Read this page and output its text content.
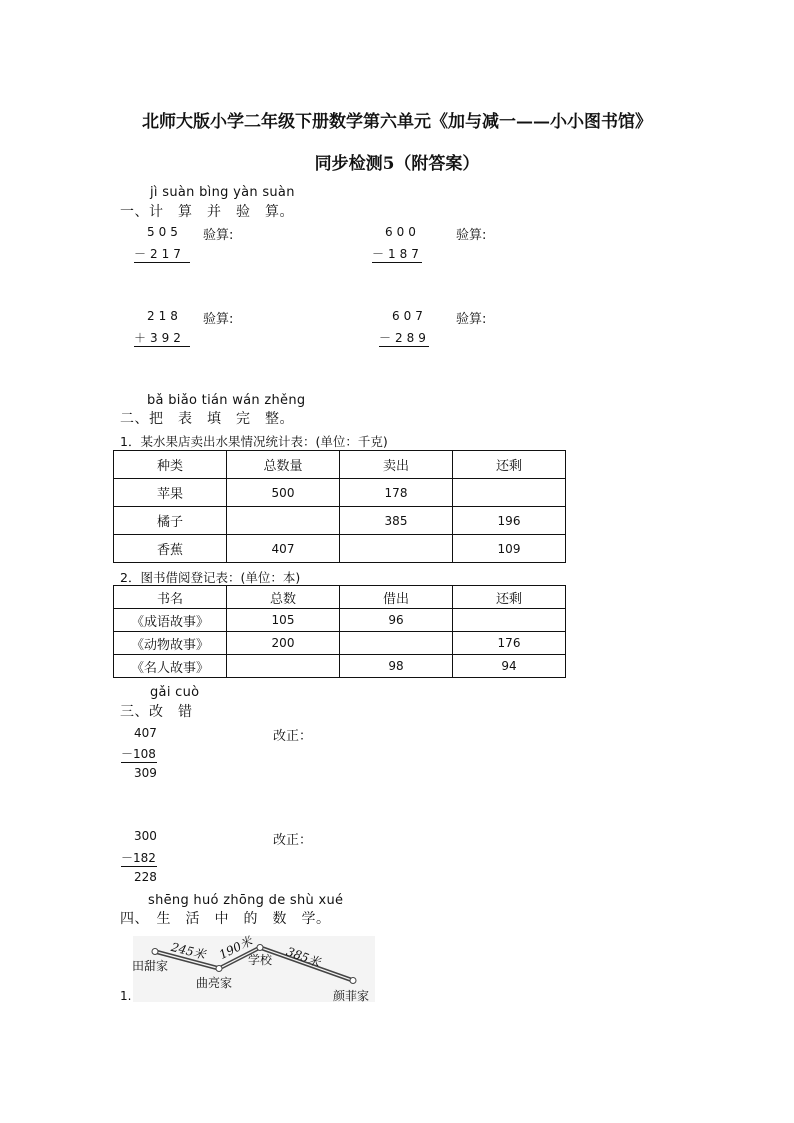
北师大版小学二年级下册数学第六单元《加与减一——小小图书馆》
同步检测5（附答案）
jì suàn bìng yàn suàn
一、计　算　并　验　算。
505
－217
验算:	600
－187
验算:
218
＋392
验算:	607
－289
验算:
bǎ biǎo tián wán zhěng
二、把　表　填　完　整。
1．某水果店卖出水果情况统计表：(单位：千克)
种类	总数量	卖出	还剩
苹果	500	178	
橘子		385	196
香蕉	407		109
2．图书借阅登记表：(单位：本)
书名	总数	借出	还剩
《成语故事》	105	96	
《动物故事》	200		176
《名人故事》		98	94
gǎi cuò
三、改　错
407
－108
309
改正：
300
－182
228
改正：
shēng huó zhōng de shù xué
四、　生　活　中　的　数　学。
1.
田甜家
曲亮家
学校
颜菲家
245米 190米	385米
